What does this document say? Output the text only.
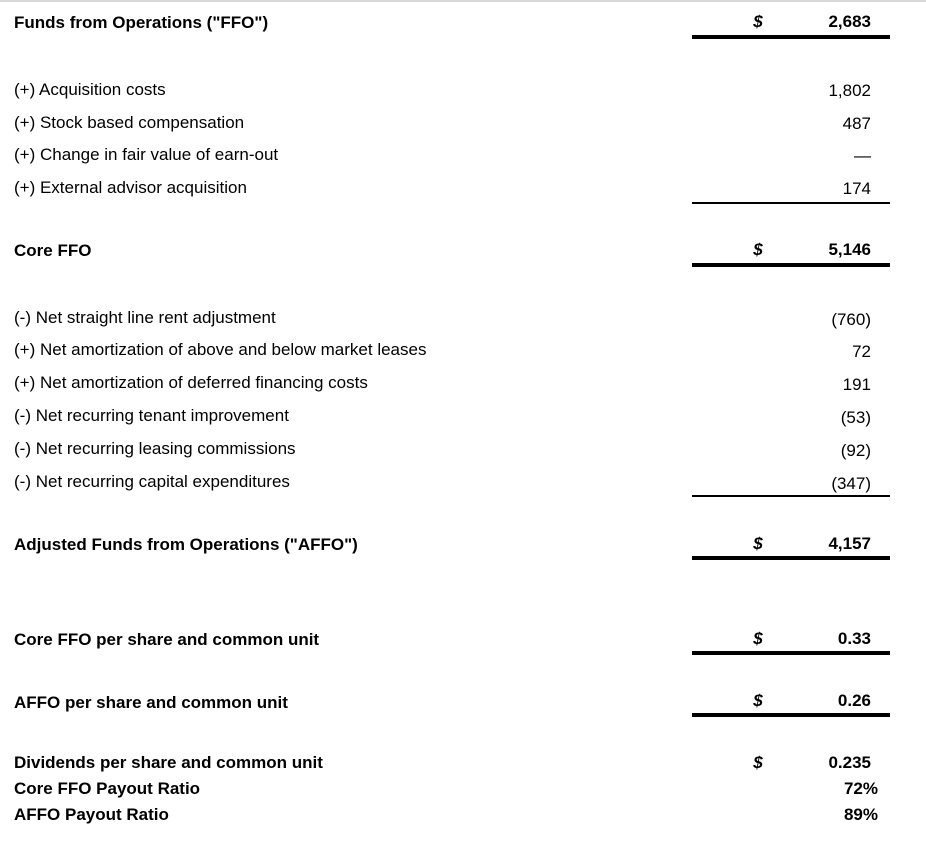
Funds from Operations ("FFO")	$	2,683
(+) Acquisition costs	1,802
(+) Stock based compensation	487
(+) Change in fair value of earn-out	—
(+) External advisor acquisition	174
Core FFO	$	5,146
(-) Net straight line rent adjustment	(760)
(+) Net amortization of above and below market leases	72
(+) Net amortization of deferred financing costs	191
(-) Net recurring tenant improvement	(53)
(-) Net recurring leasing commissions	(92)
(-) Net recurring capital expenditures	(347)
Adjusted Funds from Operations ("AFFO")	$	4,157
Core FFO per share and common unit	$	0.33
AFFO per share and common unit	$	0.26
Dividends per share and common unit	$	0.235
Core FFO Payout Ratio	72%
AFFO Payout Ratio	89%
